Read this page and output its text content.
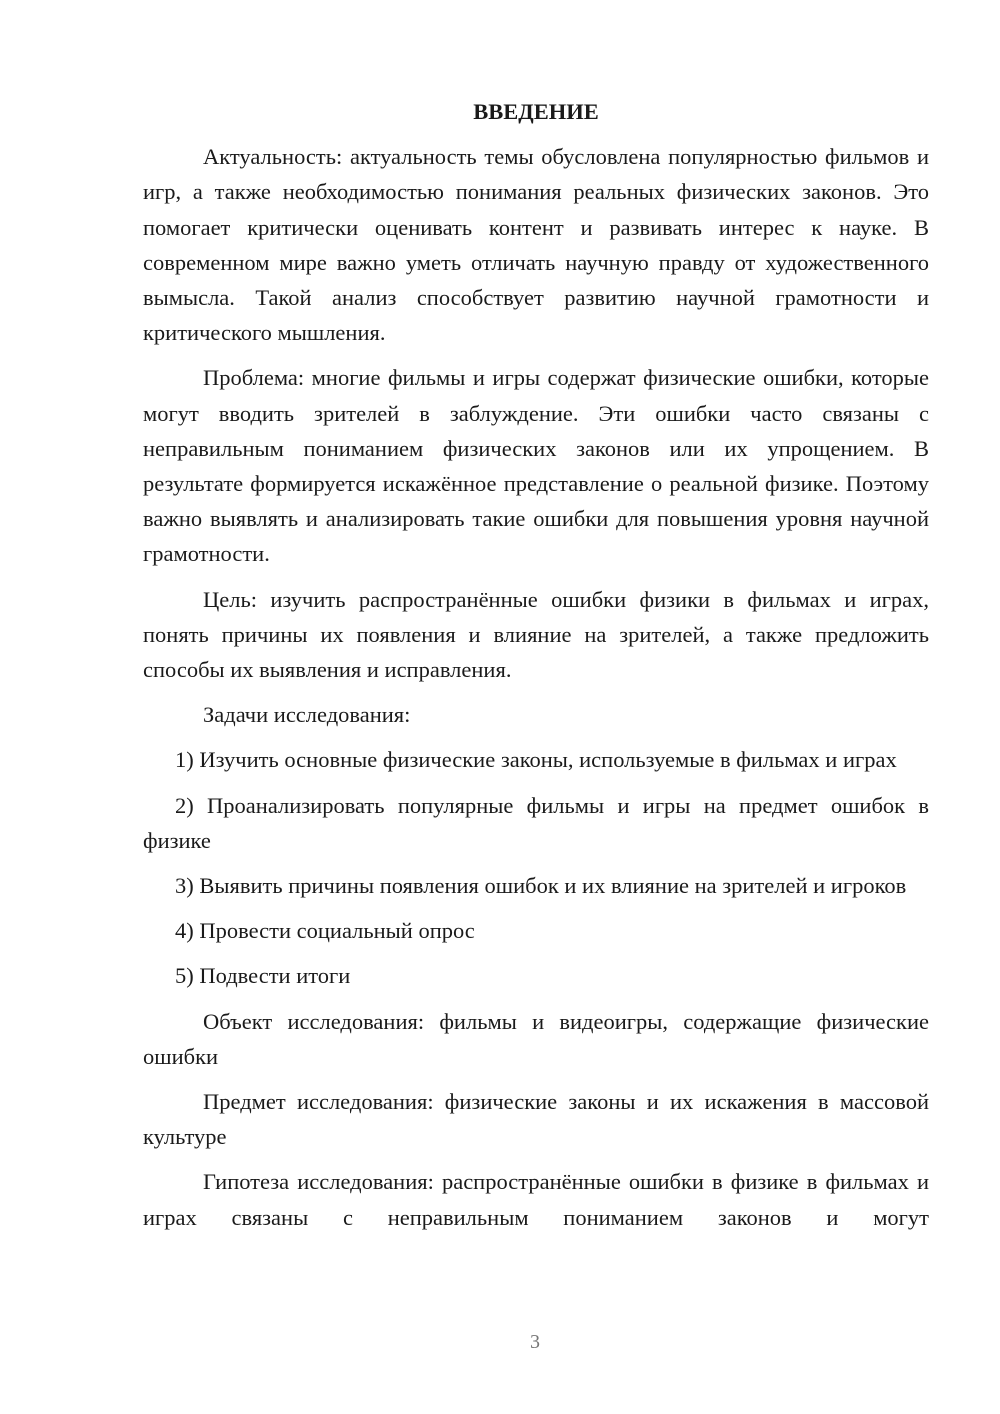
ВВЕДЕНИЕ

Актуальность: актуальность темы обусловлена популярностью фильмов и игр, а также необходимостью понимания реальных физических законов. Это помогает критически оценивать контент и развивать интерес к науке. В современном мире важно уметь отличать научную правду от художественного вымысла. Такой анализ способствует развитию научной грамотности и критического мышления.

Проблема: многие фильмы и игры содержат физические ошибки, которые могут вводить зрителей в заблуждение. Эти ошибки часто связаны с неправильным пониманием физических законов или их упрощением. В результате формируется искажённое представление о реальной физике. Поэтому важно выявлять и анализировать такие ошибки для повышения уровня научной грамотности.

Цель: изучить распространённые ошибки физики в фильмах и играх, понять причины их появления и влияние на зрителей, а также предложить способы их выявления и исправления.

Задачи исследования:

1) Изучить основные физические законы, используемые в фильмах и играх

2) Проанализировать популярные фильмы и игры на предмет ошибок в физике

3) Выявить причины появления ошибок и их влияние на зрителей и игроков

4) Провести социальный опрос

5) Подвести итоги

Объект исследования: фильмы и видеоигры, содержащие физические ошибки

Предмет исследования: физические законы и их искажения в массовой культуре

Гипотеза исследования: распространённые ошибки в физике в фильмах и играх связаны с неправильным пониманием законов и могут

3
